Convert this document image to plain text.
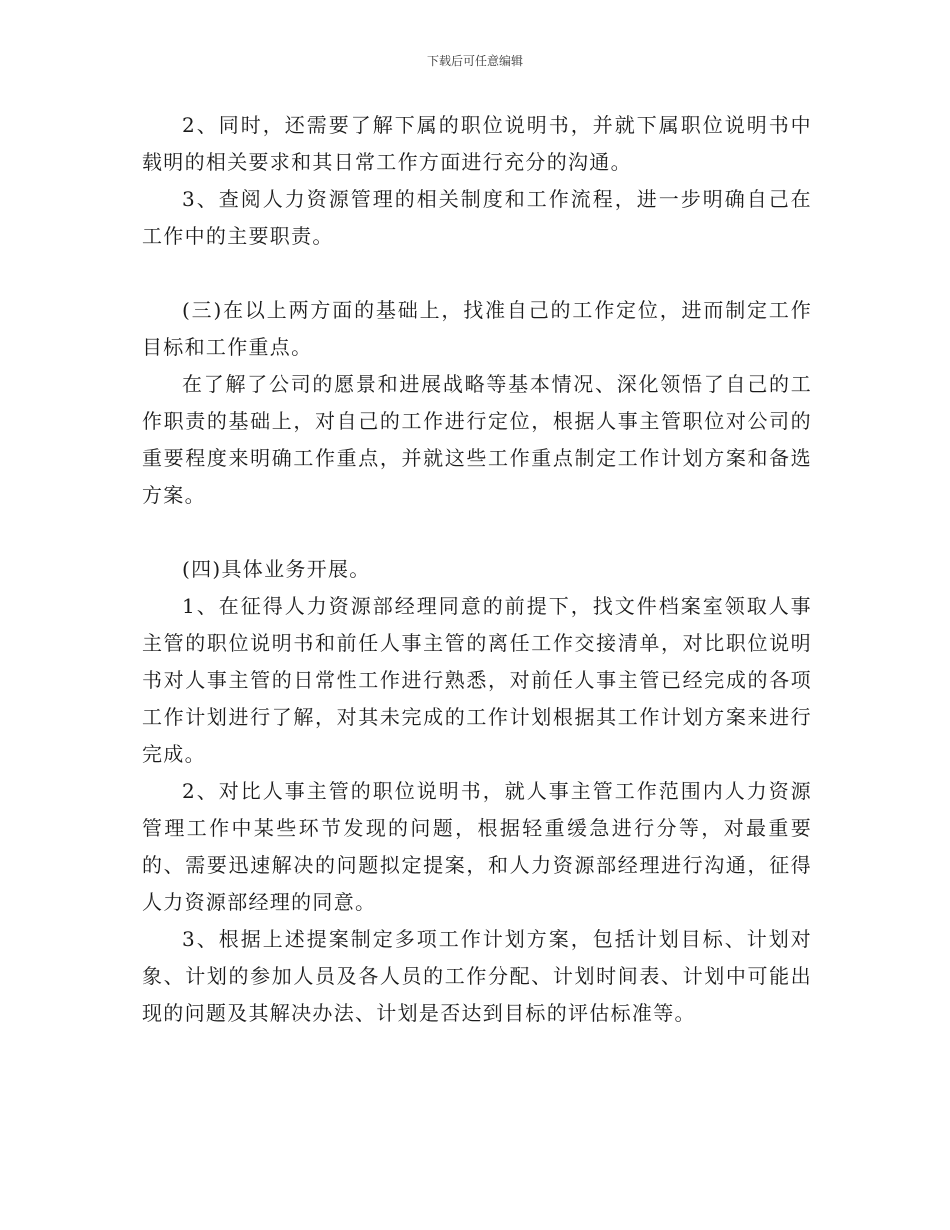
下载后可任意编辑

2、同时，还需要了解下属的职位说明书，并就下属职位说明书中载明的相关要求和其日常工作方面进行充分的沟通。

3、查阅人力资源管理的相关制度和工作流程，进一步明确自己在工作中的主要职责。

(三)在以上两方面的基础上，找准自己的工作定位，进而制定工作目标和工作重点。

在了解了公司的愿景和进展战略等基本情况、深化领悟了自己的工作职责的基础上，对自己的工作进行定位，根据人事主管职位对公司的重要程度来明确工作重点，并就这些工作重点制定工作计划方案和备选方案。

(四)具体业务开展。

1、在征得人力资源部经理同意的前提下，找文件档案室领取人事主管的职位说明书和前任人事主管的离任工作交接清单，对比职位说明书对人事主管的日常性工作进行熟悉，对前任人事主管已经完成的各项工作计划进行了解，对其未完成的工作计划根据其工作计划方案来进行完成。

2、对比人事主管的职位说明书，就人事主管工作范围内人力资源管理工作中某些环节发现的问题，根据轻重缓急进行分等，对最重要的、需要迅速解决的问题拟定提案，和人力资源部经理进行沟通，征得人力资源部经理的同意。

3、根据上述提案制定多项工作计划方案，包括计划目标、计划对象、计划的参加人员及各人员的工作分配、计划时间表、计划中可能出现的问题及其解决办法、计划是否达到目标的评估标准等。
